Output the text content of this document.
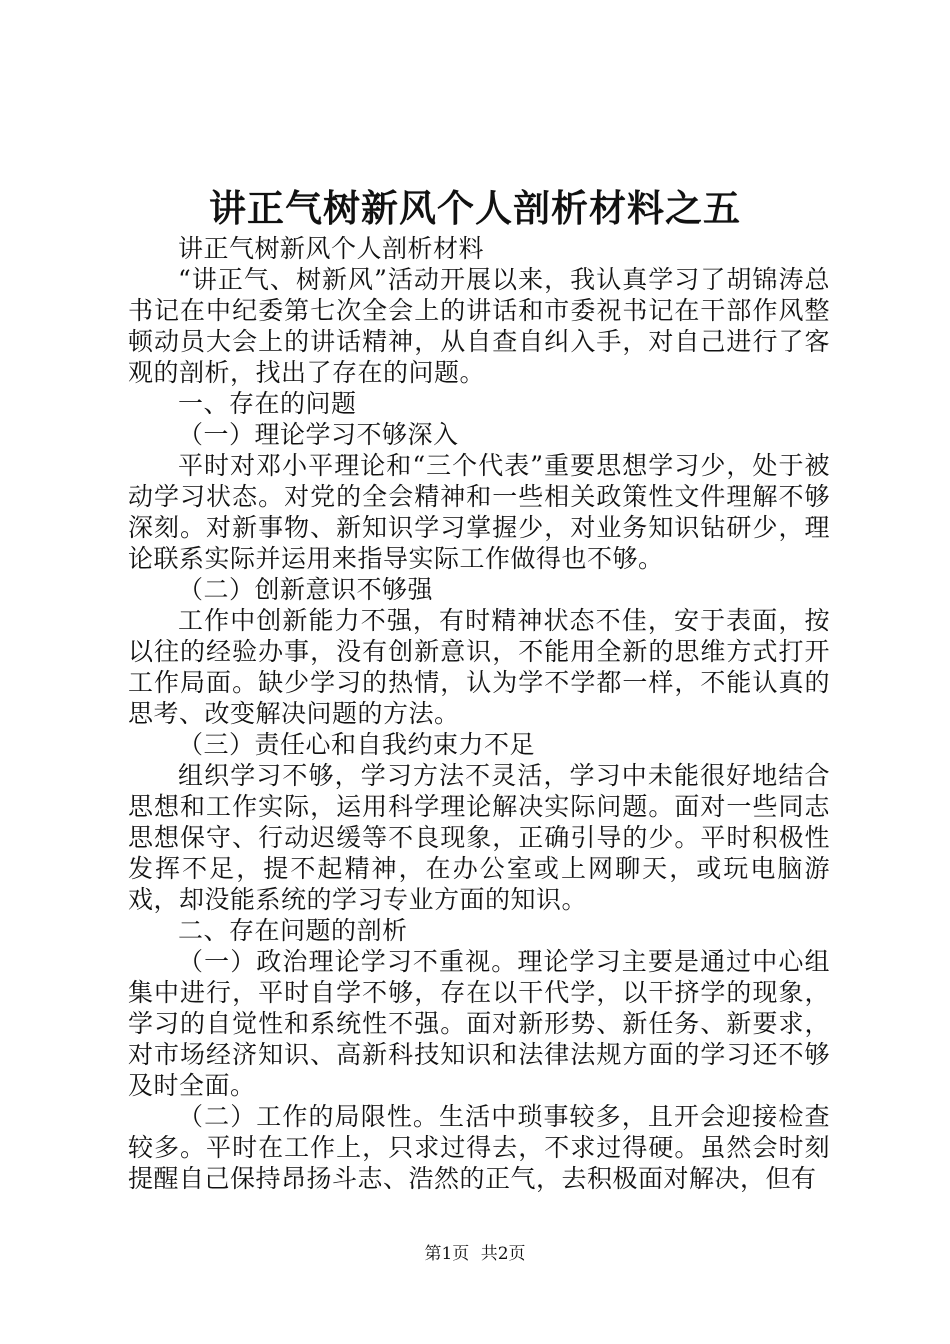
讲正气树新风个人剖析材料之五

讲正气树新风个人剖析材料

“讲正气、树新风”活动开展以来，我认真学习了胡锦涛总书记在中纪委第七次全会上的讲话和市委祝书记在干部作风整顿动员大会上的讲话精神，从自查自纠入手，对自己进行了客观的剖析，找出了存在的问题。

一、存在的问题

（一）理论学习不够深入

平时对邓小平理论和“三个代表”重要思想学习少，处于被动学习状态。对党的全会精神和一些相关政策性文件理解不够深刻。对新事物、新知识学习掌握少，对业务知识钻研少，理论联系实际并运用来指导实际工作做得也不够。

（二）创新意识不够强

工作中创新能力不强，有时精神状态不佳，安于表面，按以往的经验办事，没有创新意识，不能用全新的思维方式打开工作局面。缺少学习的热情，认为学不学都一样，不能认真的思考、改变解决问题的方法。

（三）责任心和自我约束力不足

组织学习不够，学习方法不灵活，学习中未能很好地结合思想和工作实际，运用科学理论解决实际问题。面对一些同志思想保守、行动迟缓等不良现象，正确引导的少。平时积极性发挥不足，提不起精神，在办公室或上网聊天，或玩电脑游戏，却没能系统的学习专业方面的知识。

二、存在问题的剖析

（一）政治理论学习不重视。理论学习主要是通过中心组集中进行，平时自学不够，存在以干代学，以干挤学的现象，学习的自觉性和系统性不强。面对新形势、新任务、新要求，对市场经济知识、高新科技知识和法律法规方面的学习还不够及时全面。

（二）工作的局限性。生活中琐事较多，且开会迎接检查较多。平时在工作上，只求过得去，不求过得硬。虽然会时刻提醒自己保持昂扬斗志、浩然的正气，去积极面对解决，但有

第1页 共2页
